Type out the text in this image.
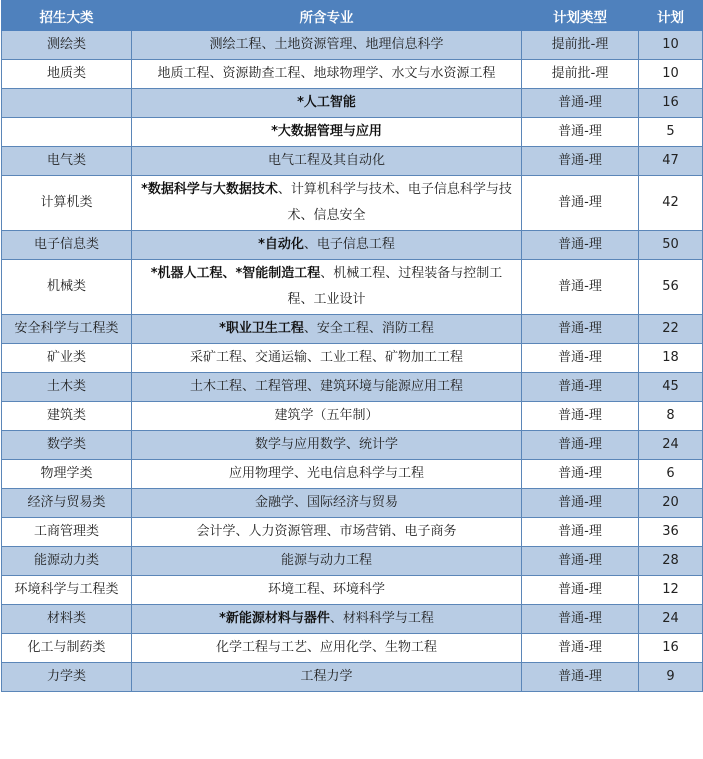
招生大类	所含专业	计划类型	计划
测绘类	测绘工程、土地资源管理、地理信息科学	提前批-理	10
地质类	地质工程、资源勘查工程、地球物理学、水文与水资源工程	提前批-理	10
	*人工智能	普通-理	16
	*大数据管理与应用	普通-理	5
电气类	电气工程及其自动化	普通-理	47
计算机类	*数据科学与大数据技术、计算机科学与技术、电子信息科学与技术、信息安全	普通-理	42
电子信息类	*自动化、电子信息工程	普通-理	50
机械类	*机器人工程、*智能制造工程、机械工程、过程装备与控制工程、工业设计	普通-理	56
安全科学与工程类	*职业卫生工程、安全工程、消防工程	普通-理	22
矿业类	采矿工程、交通运输、工业工程、矿物加工工程	普通-理	18
土木类	土木工程、工程管理、建筑环境与能源应用工程	普通-理	45
建筑类	建筑学（五年制）	普通-理	8
数学类	数学与应用数学、统计学	普通-理	24
物理学类	应用物理学、光电信息科学与工程	普通-理	6
经济与贸易类	金融学、国际经济与贸易	普通-理	20
工商管理类	会计学、人力资源管理、市场营销、电子商务	普通-理	36
能源动力类	能源与动力工程	普通-理	28
环境科学与工程类	环境工程、环境科学	普通-理	12
材料类	*新能源材料与器件、材料科学与工程	普通-理	24
化工与制药类	化学工程与工艺、应用化学、生物工程	普通-理	16
力学类	工程力学	普通-理	9
